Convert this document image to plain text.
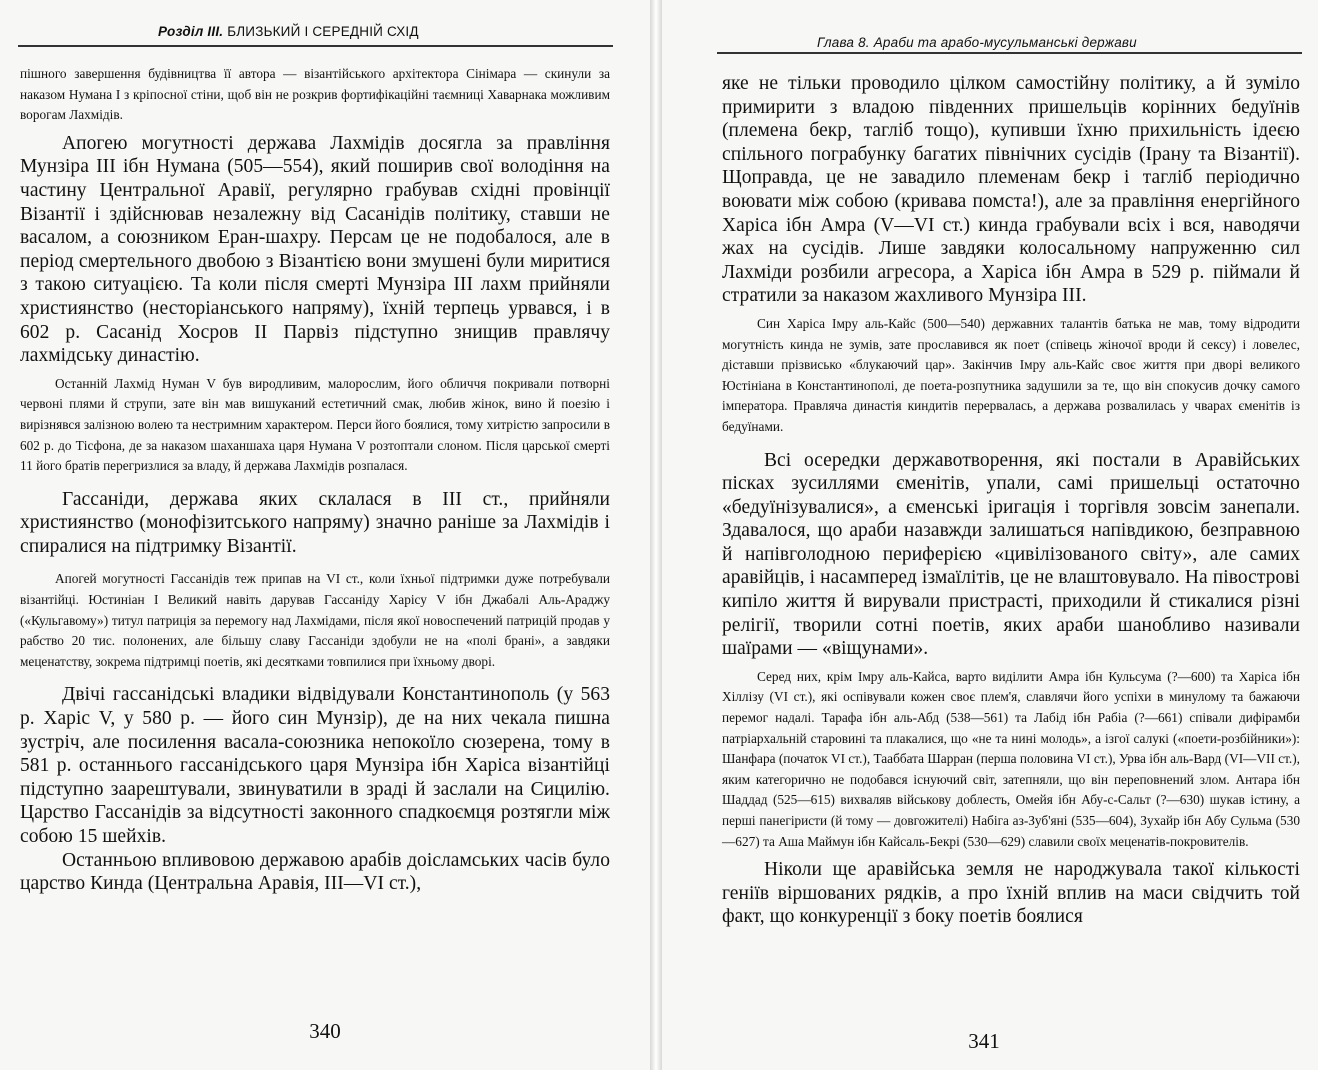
Розділ III. БЛИЗЬКИЙ І СЕРЕДНІЙ СХІД

пішного завершення будівництва її автора — візантійського архітектора Сінімара — скинули за наказом Нумана І з кріпосної стіни, щоб він не розкрив фортифікаційні таємниці Хаварнака можливим ворогам Лахмідів.

Апогею могутності держава Лахмідів досягла за правління Мунзіра III ібн Нумана (505—554), який поширив свої володіння на частину Центральної Аравії, регулярно грабував східні провінції Візантії і здійснював незалежну від Сасанідів політику, ставши не васалом, а союзником Еран-шахру. Персам це не подобалося, але в період смертельного двобою з Візантією вони змушені були миритися з такою ситуацією. Та коли після смерті Мунзіра III лахм прийняли християнство (несторіанського напряму), їхній терпець урвався, і в 602 р. Сасанід Хосров II Парвіз підступно знищив правлячу лахмідську династію.

Останній Лахмід Нуман V був виродливим, малорослим, його обличчя покривали потворні червоні плями й струпи, зате він мав вишуканий естетичний смак, любив жінок, вино й поезію і вирізнявся залізною волею та нестримним характером. Перси його боялися, тому хитрістю запросили в 602 р. до Тісфона, де за наказом шаханшаха царя Нумана V розтоптали слоном. Після царської смерті 11 його братів перегризлися за владу, й держава Лахмідів розпалася.

Гассаніди, держава яких склалася в III ст., прийняли християнство (монофізитського напряму) значно раніше за Лахмідів і спиралися на підтримку Візантії.

Апогей могутності Гассанідів теж припав на VI ст., коли їхньої підтримки дуже потребували візантійці. Юстиніан І Великий навіть дарував Гассаніду Харісу V ібн Джабалі Аль-Араджу («Кульгавому») титул патриція за перемогу над Лахмідами, після якої новоспечений патрицій продав у рабство 20 тис. полонених, але більшу славу Гассаніди здобули не на «полі брані», а завдяки меценатству, зокрема підтримці поетів, які десятками товпилися при їхньому дворі.

Двічі гассанідські владики відвідували Константинополь (у 563 р. Харіс V, у 580 р. — його син Мунзір), де на них чекала пишна зустріч, але посилення васала-союзника непокоїло сюзерена, тому в 581 р. останнього гассанідського царя Мунзіра ібн Харіса візантійці підступно заарештували, звинуватили в зраді й заслали на Сицилію. Царство Гассанідів за відсутності законного спадкоємця розтягли між собою 15 шейхів.

Останньою впливовою державою арабів доісламських часів було царство Кинда (Центральна Аравія, III—VI ст.),

340
Глава 8. Араби та арабо-мусульманські держави

яке не тільки проводило цілком самостійну політику, а й зуміло примирити з владою південних пришельців корінних бедуїнів (племена бекр, тагліб тощо), купивши їхню прихильність ідеєю спільного пограбунку багатих північних сусідів (Ірану та Візантії). Щоправда, це не завадило племенам бекр і тагліб періодично воювати між собою (кривава помста!), але за правління енергійного Харіса ібн Амра (V—VI ст.) кинда грабували всіх і вся, наводячи жах на сусідів. Лише завдяки колосальному напруженню сил Лахміди розбили агресора, а Харіса ібн Амра в 529 р. піймали й стратили за наказом жахливого Мунзіра III.

Син Харіса Імру аль-Кайс (500—540) державних талантів батька не мав, тому відродити могутність кинда не зумів, зате прославився як поет (співець жіночої вроди й сексу) і ловелес, діставши прізвисько «блукаючий цар». Закінчив Імру аль-Кайс своє життя при дворі великого Юстініана в Константинополі, де поета-розпутника задушили за те, що він спокусив дочку самого імператора. Правляча династія киндитів перервалась, а держава розвалилась у чварах єменітів із бедуїнами.

Всі осередки державотворення, які постали в Аравійських пісках зусиллями єменітів, упали, самі пришельці остаточно «бедуїнізувалися», а єменські іригація і торгівля зовсім занепали. Здавалося, що араби назавжди залишаться напівдикою, безправною й напівголодною периферією «цивілізованого світу», але самих аравійців, і насамперед ізмаїлітів, це не влаштовувало. На півострові кипіло життя й вирували пристрасті, приходили й стикалися різні релігії, творили сотні поетів, яких араби шанобливо називали шаїрами — «віщунами».

Серед них, крім Імру аль-Кайса, варто виділити Амра ібн Кульсума (?—600) та Харіса ібн Хіллізу (VI ст.), які оспівували кожен своє плем'я, славлячи його успіхи в минулому та бажаючи перемог надалі. Тарафа ібн аль-Абд (538—561) та Лабід ібн Рабіа (?—661) співали дифірамби патріархальній старовині та плакалися, що «не та нині молодь», а ізгої салукі («поети-розбійники»): Шанфара (початок VI ст.), Тааббата Шарран (перша половина VI ст.), Урва ібн аль-Вард (VI—VII ст.), яким категорично не подобався існуючий світ, затепняли, що він переповнений злом. Антара ібн Шаддад (525—615) вихваляв військову доблесть, Омейя ібн Абу-с-Сальт (?—630) шукав істину, а перші панегіристи (й тому — довгожителі) Набіга аз-Зуб'яні (535—604), Зухайр ібн Абу Сульма (530—627) та Аша Маймун ібн Кайсаль-Бекрі (530—629) славили своїх меценатів-покровителів.

Ніколи ще аравійська земля не народжувала такої кількості геніїв віршованих рядків, а про їхній вплив на маси свідчить той факт, що конкуренції з боку поетів боялися

341
